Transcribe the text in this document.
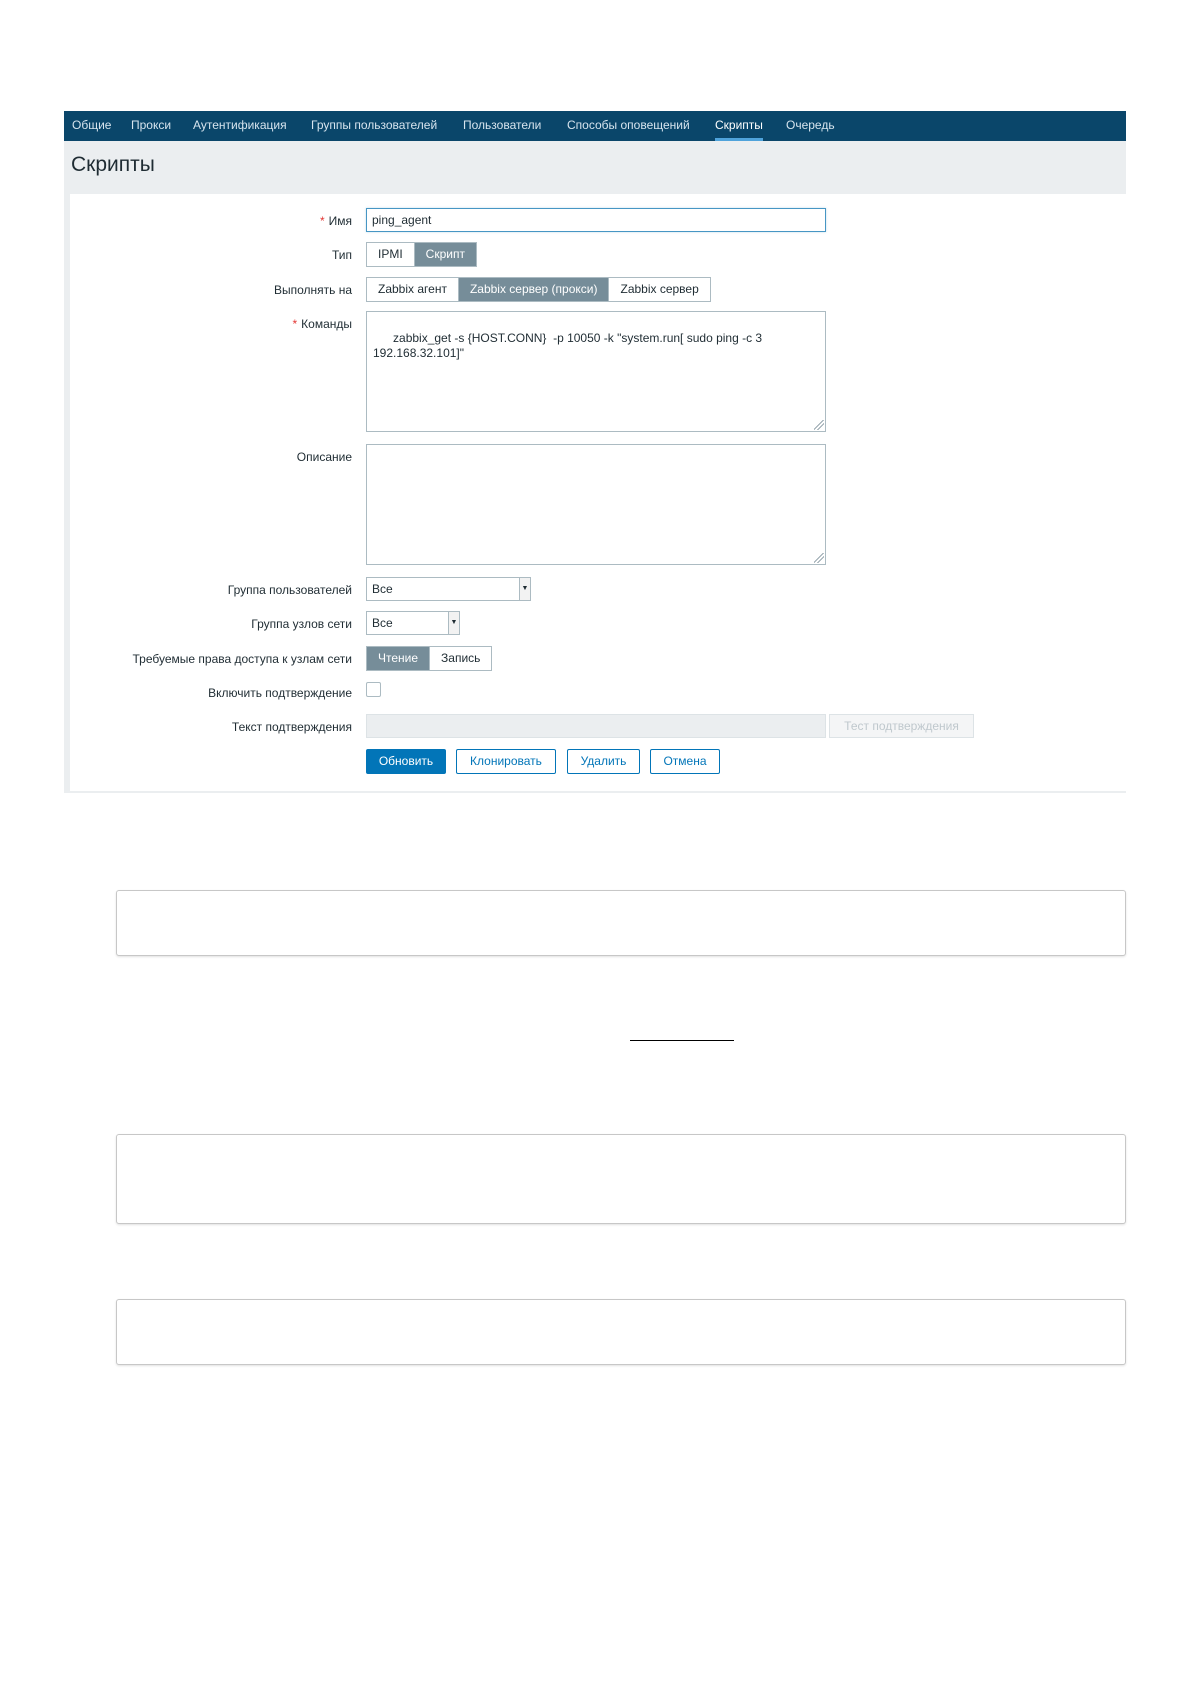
Общие Прокси Аутентификация Группы пользователей Пользователи Способы оповещений Скрипты Очередь
Скрипты
* Имя	ping_agent
Тип	IPMI	Скрипт
Выполнять на	Zabbix агент	Zabbix сервер (прокси)	Zabbix сервер
* Команды

zabbix_get -s {HOST.CONN}  -p 10050 -k "system.run[ sudo ping -c 3
192.168.32.101]"

Описание

Группа пользователей	Все	▼
Группа узлов сети	Все	▼
Требуемые права доступа к узлам сети	Чтение	Запись
Включить подтверждение
Текст подтверждения	Тест подтверждения
Обновить	Клонировать	Удалить	Отмена
